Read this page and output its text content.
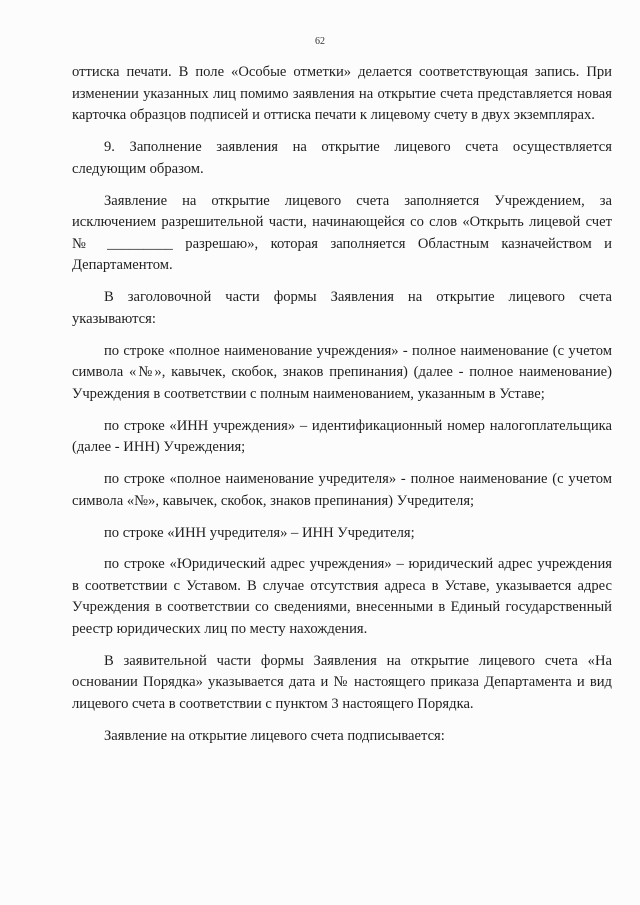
62

оттиска печати. В поле «Особые отметки» делается соответствующая запись. При изменении указанных лиц помимо заявления на открытие счета представляется новая карточка образцов подписей и оттиска печати к лицевому счету в двух экземплярах.

9. Заполнение заявления на открытие лицевого счета осуществляется следующим образом.

Заявление на открытие лицевого счета заполняется Учреждением, за исключением разрешительной части, начинающейся со слов «Открыть лицевой счет № _________ разрешаю», которая заполняется Областным казначейством и Департаментом.

В заголовочной части формы Заявления на открытие лицевого счета указываются:

по строке «полное наименование учреждения» - полное наименование (с учетом символа «№», кавычек, скобок, знаков препинания) (далее - полное наименование) Учреждения в соответствии с полным наименованием, указанным в Уставе;

по строке «ИНН учреждения» – идентификационный номер налогоплательщика (далее - ИНН) Учреждения;

по строке «полное наименование учредителя» - полное наименование (с учетом символа «№», кавычек, скобок, знаков препинания) Учредителя;

по строке «ИНН учредителя» – ИНН Учредителя;

по строке «Юридический адрес учреждения» – юридический адрес учреждения в соответствии с Уставом. В случае отсутствия адреса в Уставе, указывается адрес Учреждения в соответствии со сведениями, внесенными в Единый государственный реестр юридических лиц по месту нахождения.

В заявительной части формы Заявления на открытие лицевого счета «На основании Порядка» указывается дата и № настоящего приказа Департамента и вид лицевого счета в соответствии с пунктом 3 настоящего Порядка.

Заявление на открытие лицевого счета подписывается:
